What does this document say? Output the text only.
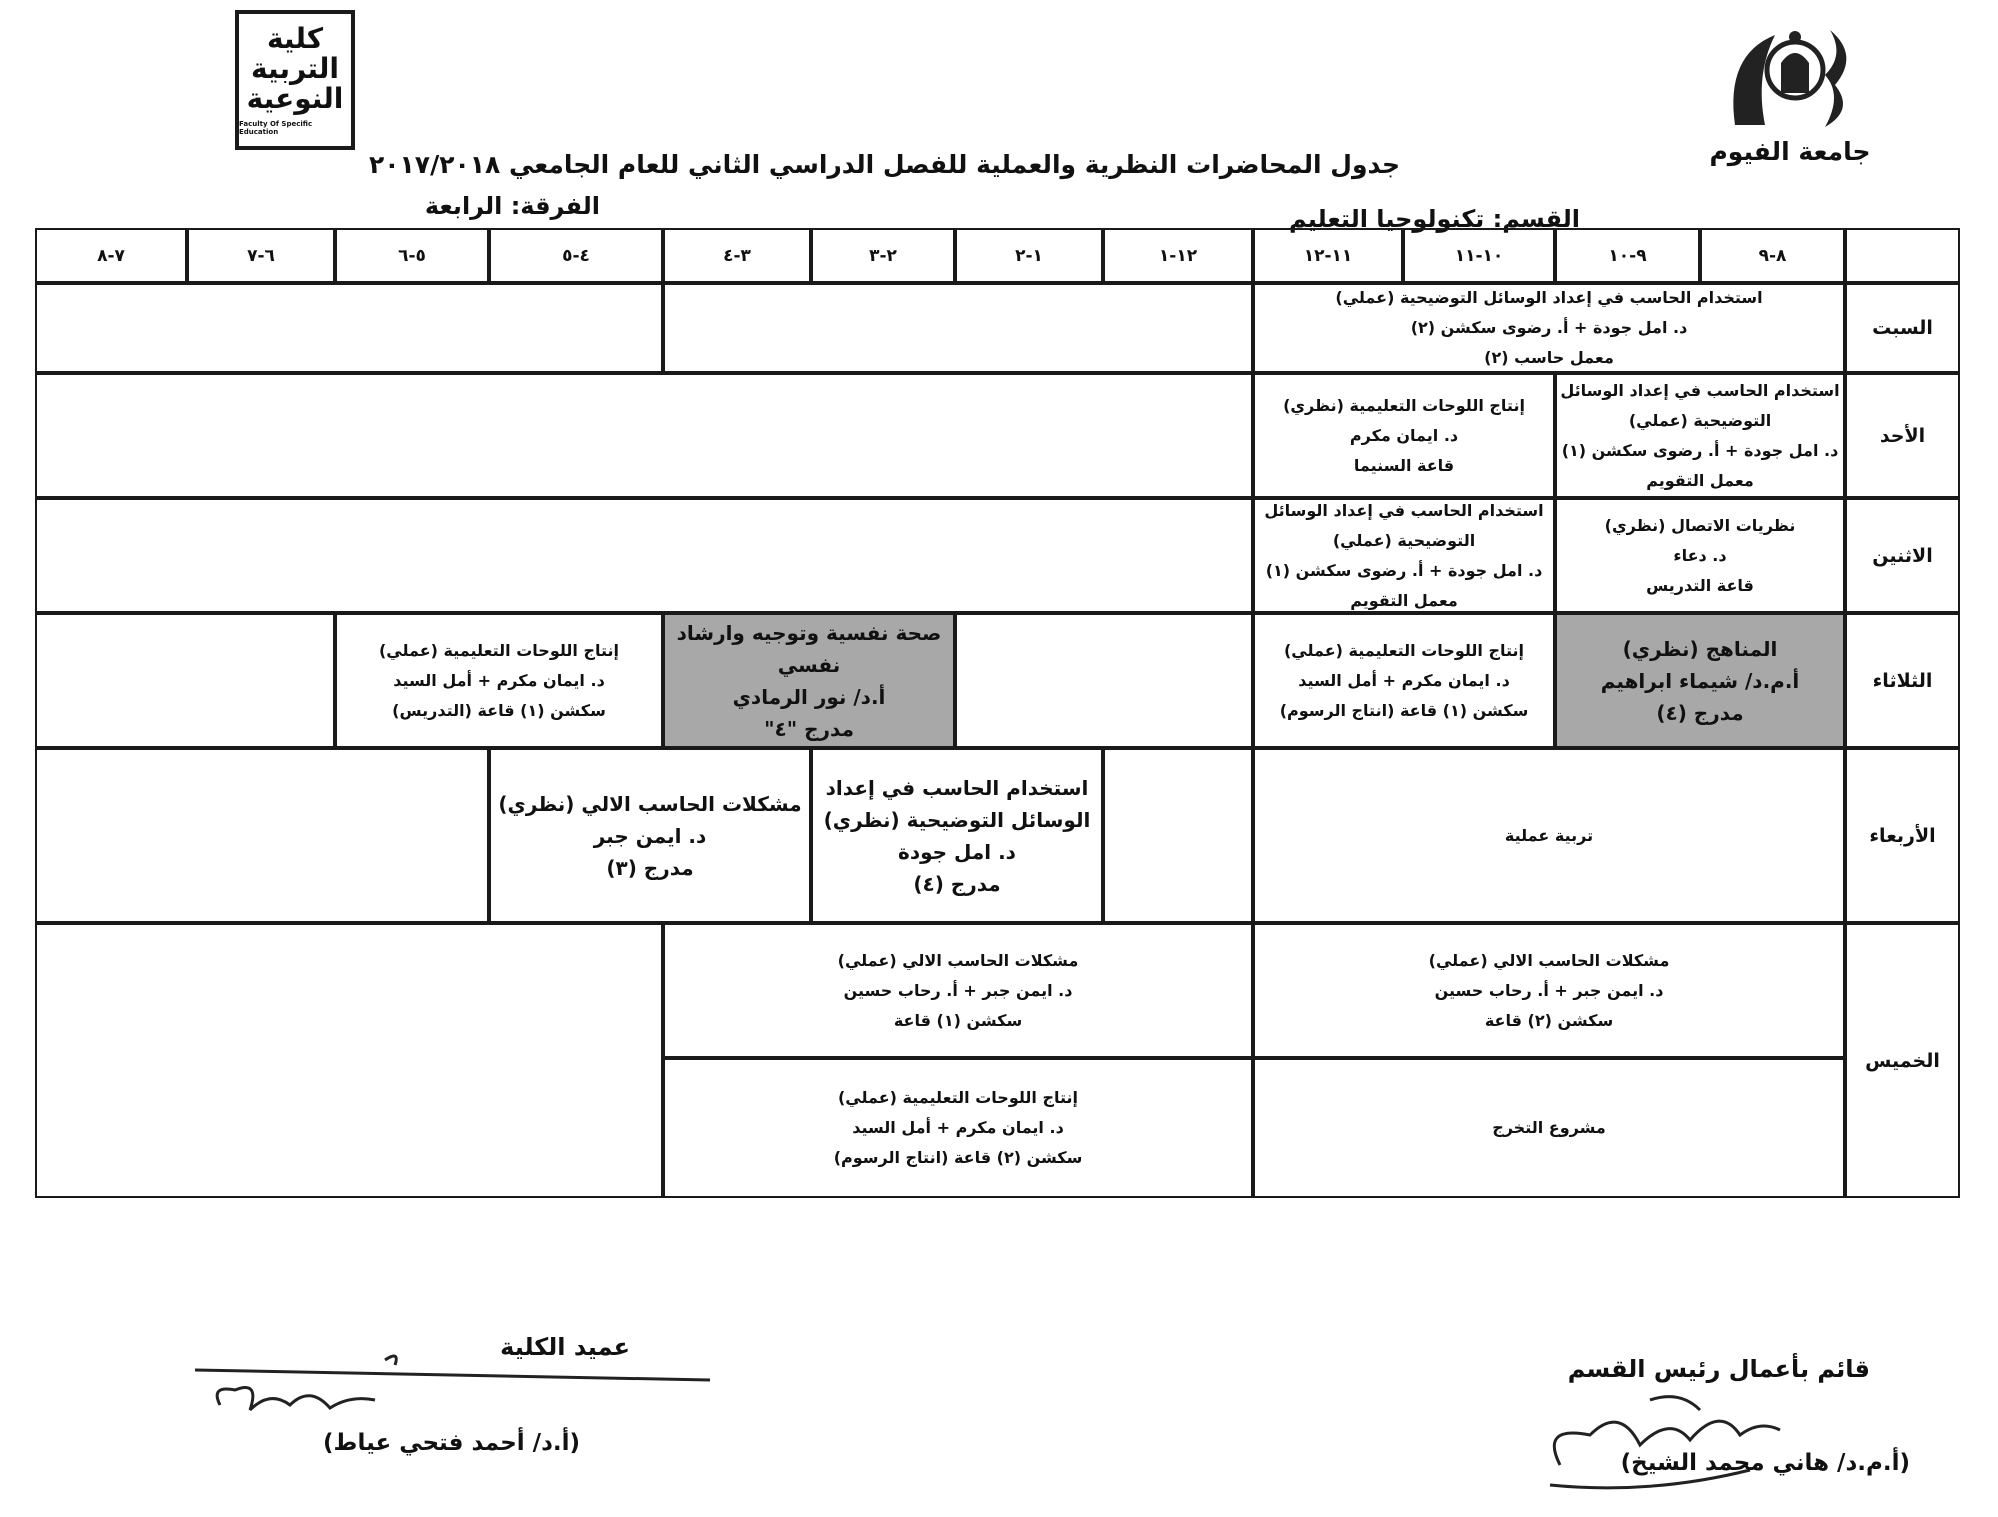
كلية التربية النوعية
Faculty Of Specific Education
جامعة الفيوم
جدول المحاضرات النظرية والعملية للفصل الدراسي الثاني للعام الجامعي ٢٠١٧/٢٠١٨
الفرقة: الرابعة	القسم: تكنولوجيا التعليم
٨-٩
٩-١٠
١٠-١١
١١-١٢
١٢-١
١-٢
٢-٣
٣-٤
٤-٥
٥-٦
٦-٧
٧-٨
السبت
الأحد
الاثنين
الثلاثاء
الأربعاء
الخميس
استخدام الحاسب في إعداد الوسائل التوضيحية (عملي)
د. امل جودة + أ. رضوى سكشن (٢)
معمل حاسب (٢)
استخدام الحاسب في إعداد الوسائل
التوضيحية (عملي)
د. امل جودة + أ. رضوى سكشن (١)
معمل التقويم
إنتاج اللوحات التعليمية (نظري)
د. ايمان مكرم
قاعة السنيما
نظريات الاتصال (نظري)
د. دعاء
قاعة التدريس
استخدام الحاسب في إعداد الوسائل
التوضيحية (عملي)
د. امل جودة + أ. رضوى سكشن (١)
معمل التقويم
المناهج (نظري)
أ.م.د/ شيماء ابراهيم
مدرج (٤)
إنتاج اللوحات التعليمية (عملي)
د. ايمان مكرم + أمل السيد
سكشن (١) قاعة (انتاج الرسوم)
صحة نفسية وتوجيه وارشاد
نفسي
أ.د/ نور الرمادي
مدرج "٤"
إنتاج اللوحات التعليمية (عملي)
د. ايمان مكرم + أمل السيد
سكشن (١) قاعة (التدريس)
تربية عملية
استخدام الحاسب في إعداد
الوسائل التوضيحية (نظري)
د. امل جودة
مدرج (٤)
مشكلات الحاسب الالي (نظري)
د. ايمن جبر
مدرج (٣)
مشكلات الحاسب الالي (عملي)
د. ايمن جبر + أ. رحاب حسين
سكشن (٢) قاعة
مشكلات الحاسب الالي (عملي)
د. ايمن جبر + أ. رحاب حسين
سكشن (١) قاعة
مشروع التخرج
إنتاج اللوحات التعليمية (عملي)
د. ايمان مكرم + أمل السيد
سكشن (٢) قاعة (انتاج الرسوم)
عميد الكلية
(أ.د/ أحمد فتحي عياط)
قائم بأعمال رئيس القسم
(أ.م.د/ هاني محمد الشيخ)
